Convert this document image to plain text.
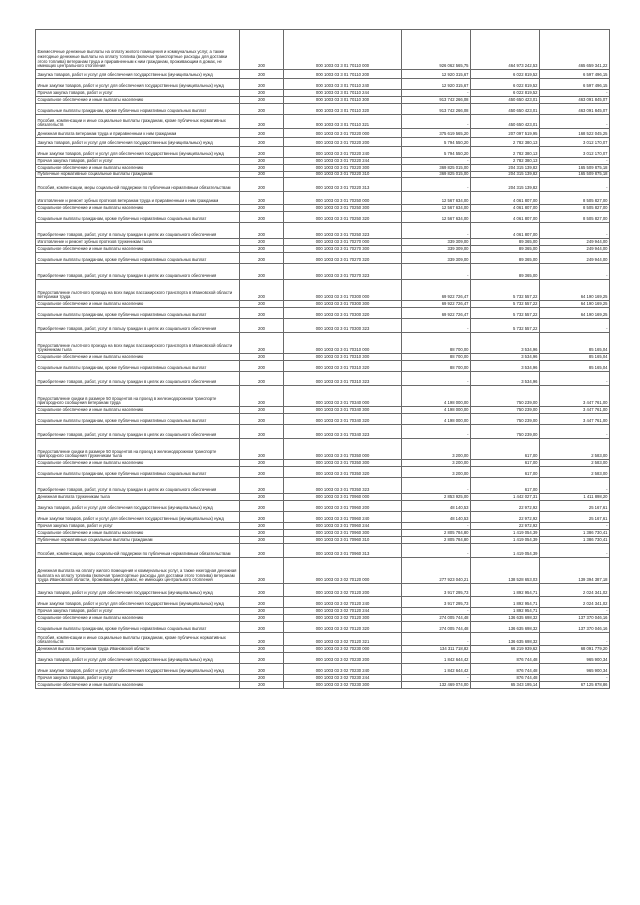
Ежемесячные денежные выплаты на оплату жилого помещения и коммунальных услуг, а также ежегодные денежные выплаты на оплату топлива (включая транспортные расходы для доставки этого топлива) ветеранам труда и приравненным к ним гражданам, проживающим в домах, не имеющих центрального отопления	200	000 1003 03 3 01 70110 000	926 062 565,75	464 973 242,53	465 659 341,22
Закупка товаров, работ и услуг для обеспечения государственных (муниципальных) нужд	200	000 1003 03 3 01 70110 200	12 920 315,67	6 022 819,52	6 597 496,15
Иные закупки товаров, работ и услуг для обеспечения государственных (муниципальных) нужд	200	000 1003 03 3 01 70110 240	12 920 315,67	6 022 819,52	6 597 496,15
Прочая закупка товаров, работ и услуг	200	000 1003 03 3 01 70110 244	-	6 022 819,52	-
Социальное обеспечение и иные выплаты населению	200	000 1003 03 3 01 70110 300	913 742 266,08	450 650 423,01	463 091 845,07
Социальные выплаты гражданам, кроме публичных нормативных социальных выплат	200	000 1003 03 3 01 70110 320	913 742 266,08	450 650 423,01	463 091 845,07
Пособия, компенсации и иные социальные выплаты гражданам, кроме публичных нормативных обязательств	200	000 1003 03 3 01 70110 321	-	450 650 423,01	-
Денежная выплата ветеранам труда и приравненным к ним гражданам	200	000 1003 03 3 01 70220 000	375 619 565,20	207 097 519,95	168 522 045,25
Закупка товаров, работ и услуг для обеспечения государственных (муниципальных) нужд	200	000 1003 03 3 01 70220 200	5 794 550,20	2 782 380,13	3 012 170,07
Иные закупки товаров, работ и услуг для обеспечения государственных (муниципальных) нужд	200	000 1003 03 3 01 70220 240	5 794 550,20	2 782 380,13	3 012 170,07
Прочая закупка товаров, работ и услуг	200	000 1003 03 3 01 70220 244	-	2 782 380,13	-
Социальное обеспечение и иные выплаты населению	200	000 1003 03 3 01 70220 300	369 825 015,00	204 315 139,82	165 509 875,18
Публичные нормативные социальные выплаты гражданам	200	000 1003 03 3 01 70220 310	369 825 015,00	204 315 139,82	165 509 875,18
Пособия, компенсации, меры социальной поддержки по публичным нормативным обязательствам	200	000 1003 03 3 01 70220 313	-	204 315 139,82	-
Изготовление и ремонт зубных протезов ветеранам труда и приравненным к ним гражданам	200	000 1003 03 3 01 70250 000	12 567 634,00	4 061 807,00	8 505 827,00
Социальное обеспечение и иные выплаты населению	200	000 1003 03 3 01 70250 300	12 567 634,00	4 061 807,00	8 505 827,00
Социальные выплаты гражданам, кроме публичных нормативных социальных выплат	200	000 1003 03 3 01 70250 320	12 567 634,00	4 061 807,00	8 505 827,00
Приобретение товаров, работ, услуг в пользу граждан в целях их социального обеспечения	200	000 1003 03 3 01 70250 323	-	4 061 807,00	-
Изготовление и ремонт зубных протезов труженикам тыла	200	000 1003 03 3 01 70270 000	339 309,00	89 365,00	249 944,00
Социальное обеспечение и иные выплаты населению	200	000 1003 03 3 01 70270 300	339 309,00	89 365,00	249 944,00
Социальные выплаты гражданам, кроме публичных нормативных социальных выплат	200	000 1003 03 3 01 70270 320	339 309,00	89 365,00	249 944,00
Приобретение товаров, работ, услуг в пользу граждан в целях их социального обеспечения	200	000 1003 03 3 01 70270 323	-	89 365,00	-
Предоставление льготного проезда на всех видах пассажирского транспорта в Ивановской области ветеранам труда	200	000 1003 03 3 01 70300 000	69 922 726,47	5 732 557,22	64 190 169,25
Социальное обеспечение и иные выплаты населению	200	000 1003 03 3 01 70300 300	69 922 726,47	5 732 557,22	64 190 169,25
Социальные выплаты гражданам, кроме публичных нормативных социальных выплат	200	000 1003 03 3 01 70300 320	69 922 726,47	5 732 557,22	64 190 169,25
Приобретение товаров, работ, услуг в пользу граждан в целях их социального обеспечения	200	000 1003 03 3 01 70300 323	-	5 732 557,22	-
Предоставление льготного проезда на всех видах пассажирского транспорта в Ивановской области труженикам тыла	200	000 1003 03 3 01 70310 000	88 700,00	3 534,96	85 165,04
Социальное обеспечение и иные выплаты населению	200	000 1003 03 3 01 70310 300	88 700,00	3 534,96	85 165,04
Социальные выплаты гражданам, кроме публичных нормативных социальных выплат	200	000 1003 03 3 01 70310 320	88 700,00	3 534,96	85 165,04
Приобретение товаров, работ, услуг в пользу граждан в целях их социального обеспечения	200	000 1003 03 3 01 70310 323	-	3 534,96	-
Предоставление скидки в размере 50 процентов на проезд в железнодорожном транспорте пригородного сообщения ветеранам труда	200	000 1003 03 3 01 70340 000	4 198 000,00	750 239,00	3 447 761,00
Социальное обеспечение и иные выплаты населению	200	000 1003 03 3 01 70340 300	4 198 000,00	750 239,00	3 447 761,00
Социальные выплаты гражданам, кроме публичных нормативных социальных выплат	200	000 1003 03 3 01 70340 320	4 198 000,00	750 239,00	3 447 761,00
Приобретение товаров, работ, услуг в пользу граждан в целях их социального обеспечения	200	000 1003 03 3 01 70340 323	-	750 239,00	-
Предоставление скидки в размере 50 процентов на проезд в железнодорожном транспорте пригородного сообщения труженикам тыла	200	000 1003 03 3 01 70350 000	3 200,00	617,00	2 583,00
Социальное обеспечение и иные выплаты населению	200	000 1003 03 3 01 70350 300	3 200,00	617,00	2 583,00
Социальные выплаты гражданам, кроме публичных нормативных социальных выплат	200	000 1003 03 3 01 70350 320	3 200,00	617,00	2 583,00
Приобретение товаров, работ, услуг в пользу граждан в целях их социального обеспечения	200	000 1003 03 3 01 70350 323	-	617,00	-
Денежная выплата труженикам тыла	200	000 1003 03 3 01 70960 000	2 853 925,00	1 442 027,31	1 411 898,20
Закупка товаров, работ и услуг для обеспечения государственных (муниципальных) нужд	200	000 1003 03 3 01 70960 200	48 140,53	22 972,92	25 167,61
Иные закупки товаров, работ и услуг для обеспечения государственных (муниципальных) нужд	200	000 1003 03 3 01 70960 240	48 140,53	22 972,92	25 167,61
Прочая закупка товаров, работ и услуг	200	000 1003 03 3 01 70960 244	-	22 972,92	-
Социальное обеспечение и иные выплаты населению	200	000 1003 03 3 01 70960 300	2 805 784,80	1 419 054,39	1 386 730,41
Публичные нормативные социальные выплаты гражданам	200	000 1003 03 3 01 70960 310	2 805 784,80	1 419 054,39	1 386 730,41
Пособия, компенсации, меры социальной поддержки по публичным нормативным обязательствам	200	000 1003 03 3 01 70960 313	-	1 419 054,39	-
Денежная выплата на оплату жилого помещения и коммунальных услуг, а также ежегодная денежная выплата на оплату топлива (включая транспортные расходы для доставки этого топлива) ветеранам труда Ивановской области, проживающим в домах, не имеющих центрального отопления	200	000 1003 03 3 02 70120 000	277 923 040,21	138 528 653,03	139 394 387,18
Закупка товаров, работ и услуг для обеспечения государственных (муниципальных) нужд	200	000 1003 03 3 02 70120 200	3 917 295,73	1 892 954,71	2 024 341,02
Иные закупки товаров, работ и услуг для обеспечения государственных (муниципальных) нужд	200	000 1003 03 3 02 70120 240	3 917 295,73	1 892 954,71	2 024 341,02
Прочая закупка товаров, работ и услуг	200	000 1003 03 3 02 70120 244	-	1 892 954,71	-
Социальное обеспечение и иные выплаты населению	200	000 1003 03 3 02 70120 300	274 005 744,48	136 635 698,32	137 370 046,16
Социальные выплаты гражданам, кроме публичных нормативных социальных выплат	200	000 1003 03 3 02 70120 320	274 005 744,48	136 635 698,32	137 370 046,16
Пособия, компенсации и иные социальные выплаты гражданам, кроме публичных нормативных обязательств	200	000 1003 03 3 02 70120 321	-	136 635 698,32	-
Денежная выплата ветеранам труда Ивановской области	200	000 1003 03 3 02 70230 000	134 311 718,82	66 219 939,62	68 091 779,20
Закупка товаров, работ и услуг для обеспечения государственных (муниципальных) нужд	200	000 1003 03 3 02 70230 200	1 842 644,42	876 744,48	965 900,34
Иные закупки товаров, работ и услуг для обеспечения государственных (муниципальных) нужд	200	000 1003 03 3 02 70230 240	1 842 644,42	876 744,48	965 900,34
Прочая закупка товаров, работ и услуг	200	000 1003 03 3 02 70230 244	-	876 744,48	-
Социальное обеспечение и иные выплаты населению	200	000 1003 03 3 02 70230 300	132 469 074,00	65 343 195,14	67 125 878,86
